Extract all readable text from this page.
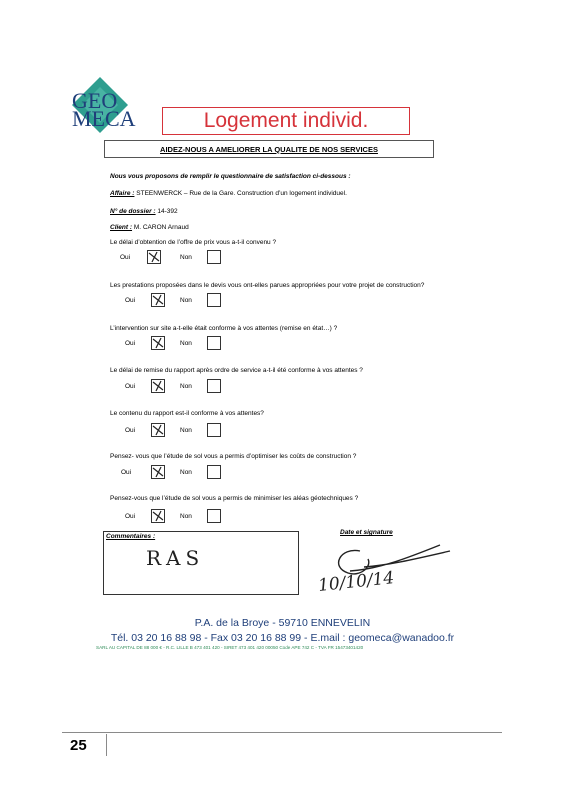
GEO
MECA	Logement individ.
AIDEZ-NOUS A AMELIORER LA QUALITE DE NOS SERVICES
Nous vous proposons de remplir le questionnaire de satisfaction ci-dessous :
Affaire : STEENWERCK – Rue de la Gare. Construction d’un logement individuel.
N° de dossier : 14-392
Client : M. CARON Arnaud
Le délai d’obtention de l’offre de prix vous a-t-il convenu ?
Oui	Non
Les prestations proposées dans le devis vous ont-elles parues appropriées pour votre projet de construction?
Oui	Non
L’intervention sur site a-t-elle était conforme à vos attentes (remise en état…) ?
Oui	Non
Le délai de remise du rapport après ordre de service a-t-il été conforme à vos attentes ?
Oui	Non
Le contenu du rapport est-il conforme à vos attentes?
Oui	Non
Pensez- vous que l’étude de sol vous a permis d’optimiser les coûts de construction ?
Oui	Non
Pensez-vous que l’étude de sol vous a permis de minimiser les aléas géotechniques ?
Oui	Non
Commentaires :
RAS
Date et signature
10/10/14
P.A. de la Broye - 59710 ENNEVELIN
Tél. 03 20 16 88 98 - Fax 03 20 16 88 99 - E.mail : geomeca@wanadoo.fr
SARL AU CAPITAL DE 88 000 € - R.C. LILLE B 473 401 420 - SIRET 473 401 420 00050 Code APE 742 C - TVA FR 15473401420
25
